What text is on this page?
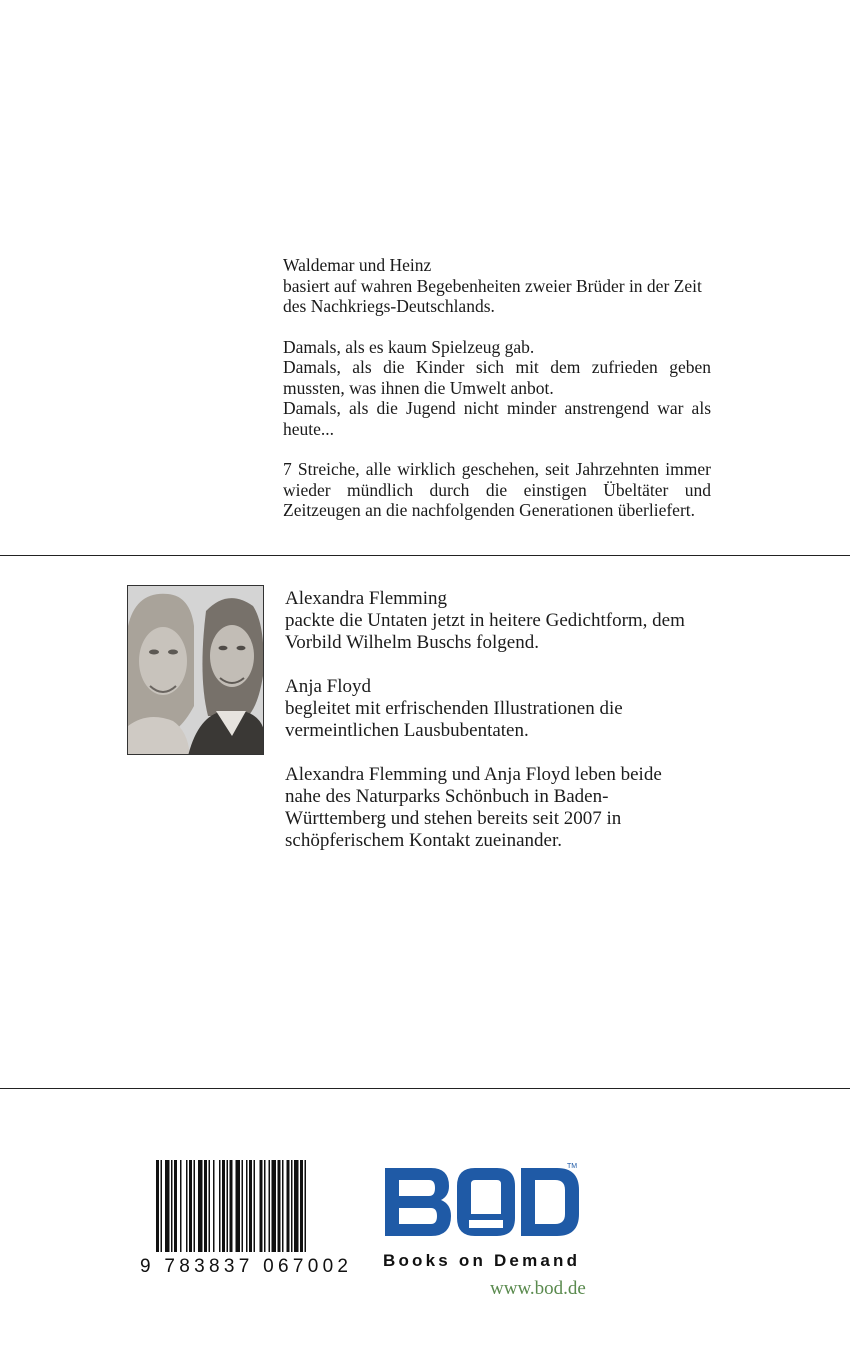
Waldemar und Heinz
basiert auf wahren Begebenheiten zweier Brüder in der Zeit
des Nachkriegs-Deutschlands.

Damals, als es kaum Spielzeug gab.

Damals, als die Kinder sich mit dem zufrieden geben mussten, was ihnen die Umwelt anbot.
Damals, als die Jugend nicht minder anstrengend war als heute...

7 Streiche, alle wirklich geschehen, seit Jahrzehnten immer wieder mündlich durch die einstigen Übeltäter und Zeitzeugen an die nachfolgenden Generationen überliefert.

Alexandra Flemming
packte die Untaten jetzt in heitere Gedichtform, dem
Vorbild Wilhelm Buschs folgend.

Anja Floyd
begleitet mit erfrischenden Illustrationen die
vermeintlichen Lausbubentaten.

Alexandra Flemming und Anja Floyd leben beide
nahe des Naturparks Schönbuch in Baden-
Württemberg und stehen bereits seit 2007 in
schöpferischem Kontakt zueinander.

9 783837 067002
TM
Books on Demand
www.bod.de
